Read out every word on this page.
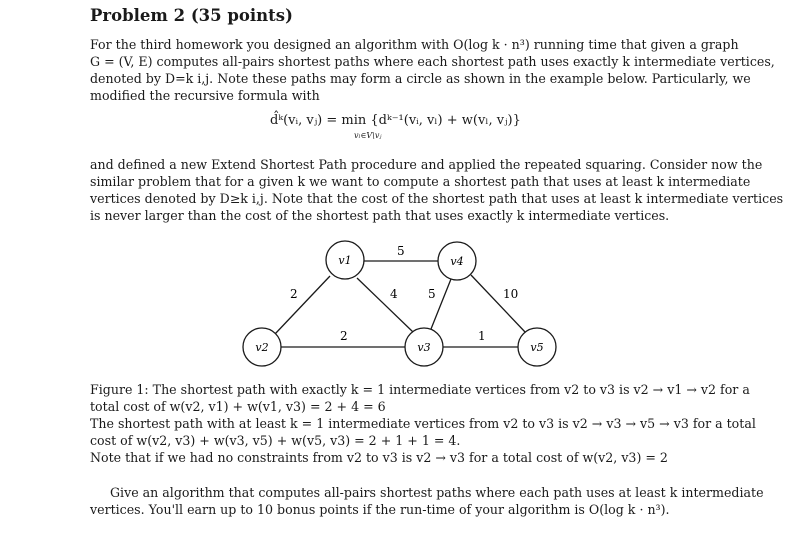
Problem 2 (35 points)
For the third homework you designed an algorithm with O(log k · n³) running time that given a graph
G = (V, E) computes all-pairs shortest paths where each shortest path uses exactly k intermediate vertices,
denoted by D=k i,j. Note these paths may form a circle as shown in the example below. Particularly, we
modified the recursive formula with
d̂ᵏ(vᵢ, vⱼ) = min {dᵏ⁻¹(vᵢ, vₗ) + w(vₗ, vⱼ)}
vₗ∈V\vⱼ
and defined a new Extend Shortest Path procedure and applied the repeated squaring. Consider now the
similar problem that for a given k we want to compute a shortest path that uses at least k intermediate
vertices denoted by D≥k i,j. Note that the cost of the shortest path that uses at least k intermediate vertices
is never larger than the cost of the shortest path that uses exactly k intermediate vertices.
5
2	4	5	10
2	1
v1	v4
v2	v3	v5
Figure 1: The shortest path with exactly k = 1 intermediate vertices from v2 to v3 is v2 → v1 → v2 for a
total cost of w(v2, v1) + w(v1, v3) = 2 + 4 = 6
The shortest path with at least k = 1 intermediate vertices from v2 to v3 is v2 → v3 → v5 → v3 for a total
cost of w(v2, v3) + w(v3, v5) + w(v5, v3) = 2 + 1 + 1 = 4.
Note that if we had no constraints from v2 to v3 is v2 → v3 for a total cost of w(v2, v3) = 2
Give an algorithm that computes all-pairs shortest paths where each path uses at least k intermediate
vertices. You'll earn up to 10 bonus points if the run-time of your algorithm is O(log k · n³).
